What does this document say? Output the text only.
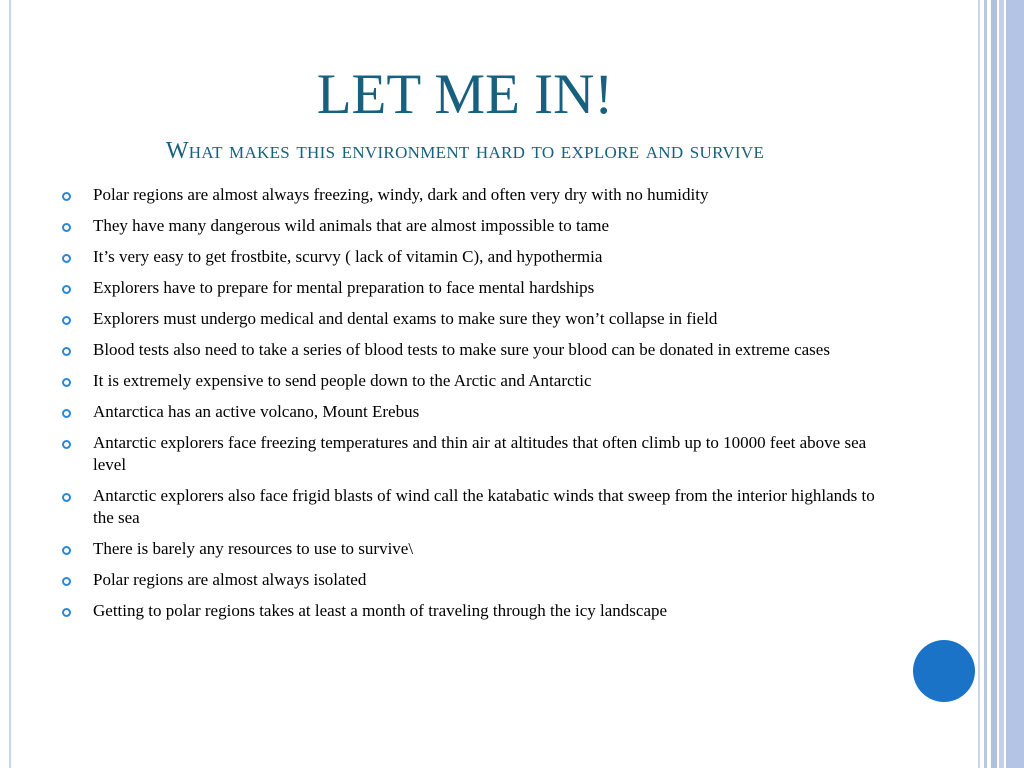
LET ME IN!
What makes this environment hard to explore and survive
Polar regions are almost always freezing, windy, dark and often very dry with no humidity
They have many dangerous wild animals that are almost impossible to tame
It’s very easy to get frostbite, scurvy ( lack of vitamin C), and hypothermia
Explorers have to prepare for mental preparation to face mental hardships
Explorers must undergo medical and dental exams to make sure they won’t collapse in field
Blood tests also need to take a series of blood tests to make sure your blood can be donated in extreme cases
It is extremely expensive to send people down to the Arctic and Antarctic
Antarctica has an active volcano, Mount Erebus
Antarctic explorers face freezing temperatures and thin air at altitudes that often climb up to 10000 feet above sea level
Antarctic explorers also face frigid blasts of wind call the katabatic winds that sweep from the interior highlands to the sea
There is barely any resources to use to survive\
Polar regions are almost always isolated
Getting to polar regions takes at least a month of traveling through the icy landscape
